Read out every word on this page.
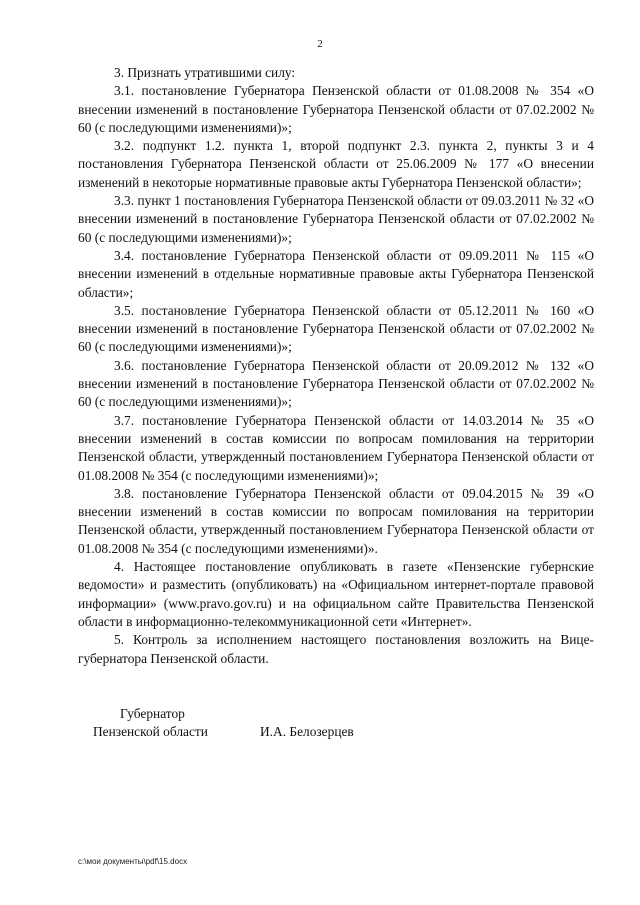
2

3. Признать утратившими силу:

3.1. постановление Губернатора Пензенской области от 01.08.2008 № 354 «О внесении изменений в постановление Губернатора Пензенской области от 07.02.2002 № 60 (с последующими изменениями)»;

3.2. подпункт 1.2. пункта 1, второй подпункт 2.3. пункта 2, пункты 3 и 4 постановления Губернатора Пензенской области от 25.06.2009 № 177 «О внесении изменений в некоторые нормативные правовые акты Губернатора Пензенской области»;

3.3. пункт 1 постановления Губернатора Пензенской области от 09.03.2011 № 32 «О внесении изменений в постановление Губернатора Пензенской области от 07.02.2002 № 60 (с последующими изменениями)»;

3.4. постановление Губернатора Пензенской области от 09.09.2011 № 115 «О внесении изменений в отдельные нормативные правовые акты Губернатора Пензенской области»;

3.5. постановление Губернатора Пензенской области от 05.12.2011 № 160 «О внесении изменений в постановление Губернатора Пензенской области от 07.02.2002 № 60 (с последующими изменениями)»;

3.6. постановление Губернатора Пензенской области от 20.09.2012 № 132 «О внесении изменений в постановление Губернатора Пензенской области от 07.02.2002 № 60 (с последующими изменениями)»;

3.7. постановление Губернатора Пензенской области от 14.03.2014 № 35 «О внесении изменений в состав комиссии по вопросам помилования на территории Пензенской области, утвержденный постановлением Губернатора Пензенской области от 01.08.2008 № 354 (с последующими изменениями)»;

3.8. постановление Губернатора Пензенской области от 09.04.2015 № 39 «О внесении изменений в состав комиссии по вопросам помилования на территории Пензенской области, утвержденный постановлением Губернатора Пензенской области от 01.08.2008 № 354 (с последующими изменениями)».

4. Настоящее постановление опубликовать в газете «Пензенские губернские ведомости» и разместить (опубликовать) на «Официальном интернет-портале правовой информации» (www.pravo.gov.ru) и на официальном сайте Правительства Пензенской области в информационно-телекоммуникационной сети «Интернет».

5. Контроль за исполнением настоящего постановления возложить на Вице-губернатора Пензенской области.

Губернатор
Пензенской области	И.А. Белозерцев
c:\мои документы\pdf\15.docx
